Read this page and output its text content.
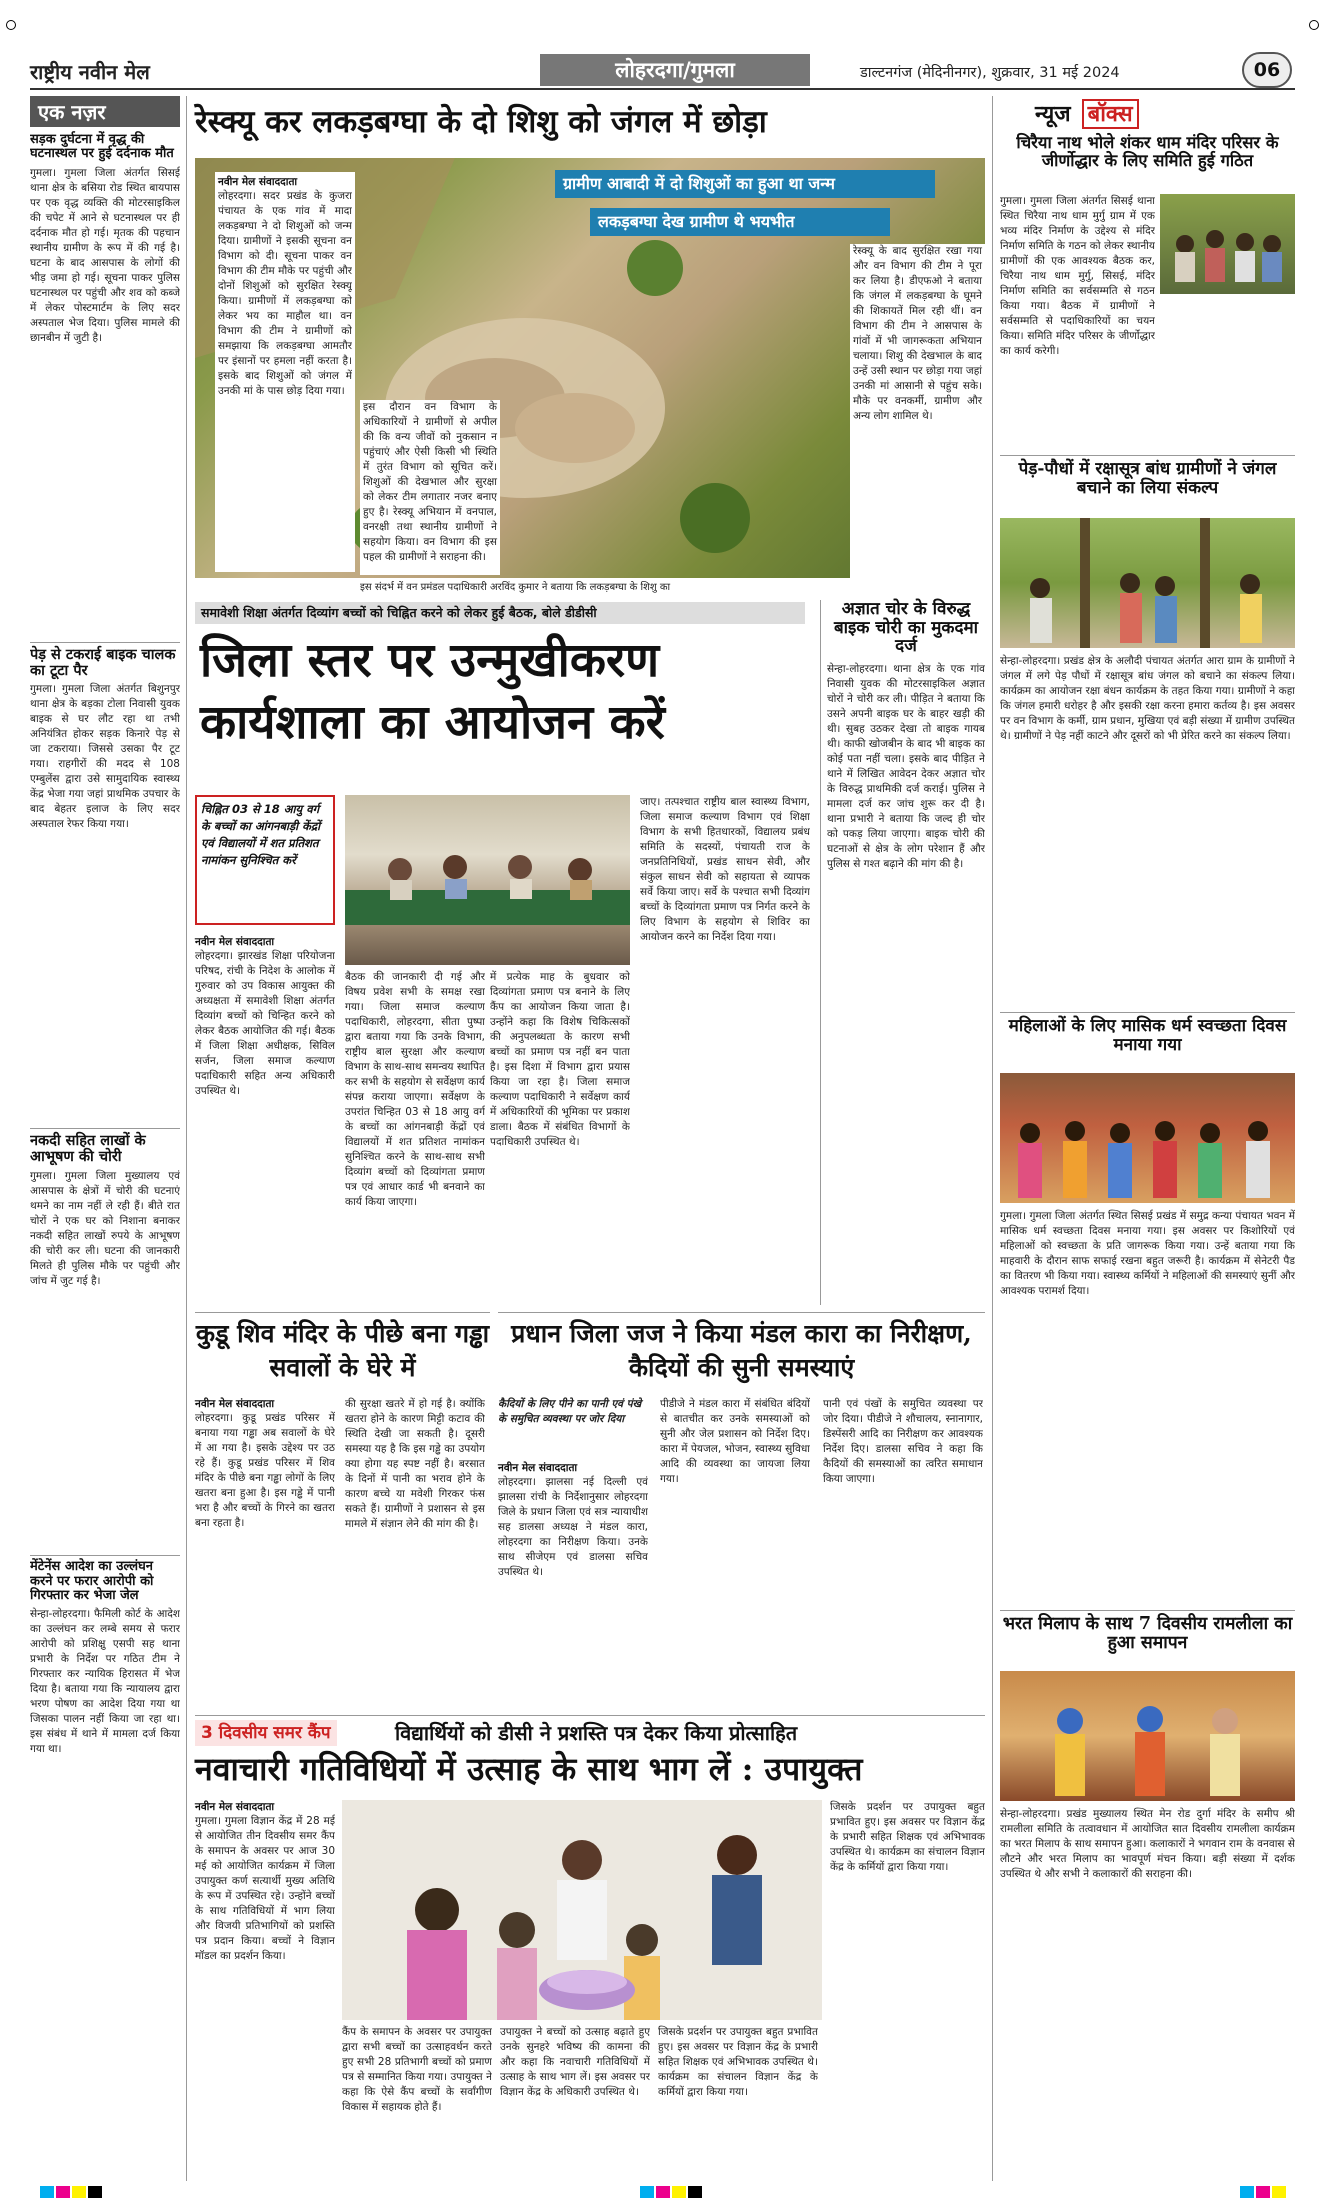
राष्ट्रीय नवीन मेल	लोहरदगा/गुमला	डाल्टनगंज (मेदिनीनगर), शुक्रवार, 31 मई 2024	06
एक नज़र
सड़क दुर्घटना में वृद्ध की घटनास्थल पर हुई दर्दनाक मौत
गुमला। गुमला जिला अंतर्गत सिसई थाना क्षेत्र के बसिया रोड स्थित बायपास पर एक वृद्ध व्यक्ति की मोटरसाइकिल की चपेट में आने से घटनास्थल पर ही दर्दनाक मौत हो गई। मृतक की पहचान स्थानीय ग्रामीण के रूप में की गई है। घटना के बाद आसपास के लोगों की भीड़ जमा हो गई। सूचना पाकर पुलिस घटनास्थल पर पहुंची और शव को कब्जे में लेकर पोस्टमार्टम के लिए सदर अस्पताल भेज दिया। पुलिस मामले की छानबीन में जुटी है।
पेड़ से टकराई बाइक चालक का टूटा पैर
गुमला। गुमला जिला अंतर्गत बिशुनपुर थाना क्षेत्र के बड़का टोला निवासी युवक बाइक से घर लौट रहा था तभी अनियंत्रित होकर सड़क किनारे पेड़ से जा टकराया। जिससे उसका पैर टूट गया। राहगीरों की मदद से 108 एम्बुलेंस द्वारा उसे सामुदायिक स्वास्थ्य केंद्र भेजा गया जहां प्राथमिक उपचार के बाद बेहतर इलाज के लिए सदर अस्पताल रेफर किया गया।
नकदी सहित लाखों के आभूषण की चोरी
गुमला। गुमला जिला मुख्यालय एवं आसपास के क्षेत्रों में चोरी की घटनाएं थमने का नाम नहीं ले रही हैं। बीते रात चोरों ने एक घर को निशाना बनाकर नकदी सहित लाखों रुपये के आभूषण की चोरी कर ली। घटना की जानकारी मिलते ही पुलिस मौके पर पहुंची और जांच में जुट गई है।
मेंटेनेंस आदेश का उल्लंघन करने पर फरार आरोपी को गिरफ्तार कर भेजा जेल
सेन्हा-लोहरदगा। फैमिली कोर्ट के आदेश का उल्लंघन कर लम्बे समय से फरार आरोपी को प्रशिक्षु एसपी सह थाना प्रभारी के निर्देश पर गठित टीम ने गिरफ्तार कर न्यायिक हिरासत में भेज दिया है। बताया गया कि न्यायालय द्वारा भरण पोषण का आदेश दिया गया था जिसका पालन नहीं किया जा रहा था। इस संबंध में थाने में मामला दर्ज किया गया था।
रेस्क्यू कर लकड़बग्घा के दो शिशु को जंगल में छोड़ा
ग्रामीण आबादी में दो शिशुओं का हुआ था जन्म
लकड़बग्घा देख ग्रामीण थे भयभीत
नवीन मेल संवाददाता
लोहरदगा। सदर प्रखंड के कुजरा पंचायत के एक गांव में मादा लकड़बग्घा ने दो शिशुओं को जन्म दिया। ग्रामीणों ने इसकी सूचना वन विभाग को दी। सूचना पाकर वन विभाग की टीम मौके पर पहुंची और दोनों शिशुओं को सुरक्षित रेस्क्यू किया। ग्रामीणों में लकड़बग्घा को लेकर भय का माहौल था। वन विभाग की टीम ने ग्रामीणों को समझाया कि लकड़बग्घा आमतौर पर इंसानों पर हमला नहीं करता है। इसके बाद शिशुओं को जंगल में उनकी मां के पास छोड़ दिया गया।
इस दौरान वन विभाग के अधिकारियों ने ग्रामीणों से अपील की कि वन्य जीवों को नुकसान न पहुंचाएं और ऐसी किसी भी स्थिति में तुरंत विभाग को सूचित करें। शिशुओं की देखभाल और सुरक्षा को लेकर टीम लगातार नजर बनाए हुए है। रेस्क्यू अभियान में वनपाल, वनरक्षी तथा स्थानीय ग्रामीणों ने सहयोग किया। वन विभाग की इस पहल की ग्रामीणों ने सराहना की।
रेस्क्यू के बाद सुरक्षित रखा गया और वन विभाग की टीम ने पूरा कर लिया है। डीएफओ ने बताया कि जंगल में लकड़बग्घा के घूमने की शिकायतें मिल रही थीं। वन विभाग की टीम ने आसपास के गांवों में भी जागरूकता अभियान चलाया। शिशु की देखभाल के बाद उन्हें उसी स्थान पर छोड़ा गया जहां उनकी मां आसानी से पहुंच सके। मौके पर वनकर्मी, ग्रामीण और अन्य लोग शामिल थे।
इस संदर्भ में वन प्रमंडल पदाधिकारी अरविंद कुमार ने बताया कि लकड़बग्घा के शिशु का
समावेशी शिक्षा अंतर्गत दिव्यांग बच्चों को चिह्नित करने को लेकर हुई बैठक, बोले डीडीसी
जिला स्तर पर उन्मुखीकरण कार्यशाला का आयोजन करें
चिह्नित 03 से 18 आयु वर्ग के बच्चों का आंगनबाड़ी केंद्रों एवं विद्यालयों में शत प्रतिशत नामांकन सुनिश्चित करें
नवीन मेल संवाददाता
लोहरदगा। झारखंड शिक्षा परियोजना परिषद, रांची के निदेश के आलोक में गुरुवार को उप विकास आयुक्त की अध्यक्षता में समावेशी शिक्षा अंतर्गत दिव्यांग बच्चों को चिन्हित करने को लेकर बैठक आयोजित की गई। बैठक में जिला शिक्षा अधीक्षक, सिविल सर्जन, जिला समाज कल्याण पदाधिकारी सहित अन्य अधिकारी उपस्थित थे।
बैठक की जानकारी दी गई और विषय प्रवेश सभी के समक्ष रखा गया। जिला समाज कल्याण पदाधिकारी, लोहरदगा, सीता पुष्पा द्वारा बताया गया कि उनके विभाग, राष्ट्रीय बाल सुरक्षा और कल्याण विभाग के साथ-साथ समन्वय स्थापित कर सभी के सहयोग से सर्वेक्षण कार्य संपन्न कराया जाएगा। सर्वेक्षण के उपरांत चिन्हित 03 से 18 आयु वर्ग के बच्चों का आंगनबाड़ी केंद्रों एवं विद्यालयों में शत प्रतिशत नामांकन सुनिश्चित करने के साथ-साथ सभी दिव्यांग बच्चों को दिव्यांगता प्रमाण पत्र एवं आधार कार्ड भी बनवाने का कार्य किया जाएगा।
में प्रत्येक माह के बुधवार को दिव्यांगता प्रमाण पत्र बनाने के लिए कैंप का आयोजन किया जाता है। उन्होंने कहा कि विशेष चिकित्सकों की अनुपलब्धता के कारण सभी बच्चों का प्रमाण पत्र नहीं बन पाता है। इस दिशा में विभाग द्वारा प्रयास किया जा रहा है। जिला समाज कल्याण पदाधिकारी ने सर्वेक्षण कार्य में अधिकारियों की भूमिका पर प्रकाश डाला। बैठक में संबंधित विभागों के पदाधिकारी उपस्थित थे।
जाए। तत्पश्चात राष्ट्रीय बाल स्वास्थ्य विभाग, जिला समाज कल्याण विभाग एवं शिक्षा विभाग के सभी हितधारकों, विद्यालय प्रबंध समिति के सदस्यों, पंचायती राज के जनप्रतिनिधियों, प्रखंड साधन सेवी, और संकुल साधन सेवी को सहायता से व्यापक सर्वे किया जाए। सर्वे के पश्चात सभी दिव्यांग बच्चों के दिव्यांगता प्रमाण पत्र निर्गत करने के लिए विभाग के सहयोग से शिविर का आयोजन करने का निर्देश दिया गया।
अज्ञात चोर के विरुद्ध बाइक चोरी का मुकदमा दर्ज
सेन्हा-लोहरदगा। थाना क्षेत्र के एक गांव निवासी युवक की मोटरसाइकिल अज्ञात चोरों ने चोरी कर ली। पीड़ित ने बताया कि उसने अपनी बाइक घर के बाहर खड़ी की थी। सुबह उठकर देखा तो बाइक गायब थी। काफी खोजबीन के बाद भी बाइक का कोई पता नहीं चला। इसके बाद पीड़ित ने थाने में लिखित आवेदन देकर अज्ञात चोर के विरुद्ध प्राथमिकी दर्ज कराई। पुलिस ने मामला दर्ज कर जांच शुरू कर दी है। थाना प्रभारी ने बताया कि जल्द ही चोर को पकड़ लिया जाएगा। बाइक चोरी की घटनाओं से क्षेत्र के लोग परेशान हैं और पुलिस से गश्त बढ़ाने की मांग की है।
कुडू शिव मंदिर के पीछे बना गड्ढा सवालों के घेरे में
नवीन मेल संवाददाता
लोहरदगा। कुडू प्रखंड परिसर में बनाया गया गड्ढा अब सवालों के घेरे में आ गया है। इसके उद्देश्य पर उठ रहे हैं। कुडू प्रखंड परिसर में शिव मंदिर के पीछे बना गड्ढा लोगों के लिए खतरा बना हुआ है। इस गड्ढे में पानी भरा है और बच्चों के गिरने का खतरा बना रहता है।
की सुरक्षा खतरे में हो गई है। क्योंकि खतरा होने के कारण मिट्टी कटाव की स्थिति देखी जा सकती है। दूसरी समस्या यह है कि इस गड्ढे का उपयोग क्या होगा यह स्पष्ट नहीं है। बरसात के दिनों में पानी का भराव होने के कारण बच्चे या मवेशी गिरकर फंस सकते हैं। ग्रामीणों ने प्रशासन से इस मामले में संज्ञान लेने की मांग की है।
प्रधान जिला जज ने किया मंडल कारा का निरीक्षण, कैदियों की सुनी समस्याएं
कैदियों के लिए पीने का पानी एवं पंखे के समुचित व्यवस्था पर जोर दिया
नवीन मेल संवाददाता
लोहरदगा। झालसा नई दिल्ली एवं झालसा रांची के निर्देशानुसार लोहरदगा जिले के प्रधान जिला एवं सत्र न्यायाधीश सह डालसा अध्यक्ष ने मंडल कारा, लोहरदगा का निरीक्षण किया। उनके साथ सीजेएम एवं डालसा सचिव उपस्थित थे।
पीडीजे ने मंडल कारा में संबंधित बंदियों से बातचीत कर उनके समस्याओं को सुनी और जेल प्रशासन को निर्देश दिए। कारा में पेयजल, भोजन, स्वास्थ्य सुविधा आदि की व्यवस्था का जायजा लिया गया।
पानी एवं पंखों के समुचित व्यवस्था पर जोर दिया। पीडीजे ने शौचालय, स्नानागार, डिस्पेंसरी आदि का निरीक्षण कर आवश्यक निर्देश दिए। डालसा सचिव ने कहा कि कैदियों की समस्याओं का त्वरित समाधान किया जाएगा।
3 दिवसीय समर कैंप	विद्यार्थियों को डीसी ने प्रशस्ति पत्र देकर किया प्रोत्साहित
नवाचारी गतिविधियों में उत्साह के साथ भाग लें : उपायुक्त
नवीन मेल संवाददाता
गुमला। गुमला विज्ञान केंद्र में 28 मई से आयोजित तीन दिवसीय समर कैंप के समापन के अवसर पर आज 30 मई को आयोजित कार्यक्रम में जिला उपायुक्त कर्ण सत्यार्थी मुख्य अतिथि के रूप में उपस्थित रहे। उन्होंने बच्चों के साथ गतिविधियों में भाग लिया और विजयी प्रतिभागियों को प्रशस्ति पत्र प्रदान किया। बच्चों ने विज्ञान मॉडल का प्रदर्शन किया।
कैंप के समापन के अवसर पर उपायुक्त द्वारा सभी बच्चों का उत्साहवर्धन करते हुए सभी 28 प्रतिभागी बच्चों को प्रमाण पत्र से सम्मानित किया गया। उपायुक्त ने कहा कि ऐसे कैंप बच्चों के सर्वांगीण विकास में सहायक होते हैं।
उपायुक्त ने बच्चों को उत्साह बढ़ाते हुए उनके सुनहरे भविष्य की कामना की और कहा कि नवाचारी गतिविधियों में उत्साह के साथ भाग लें। इस अवसर पर विज्ञान केंद्र के अधिकारी उपस्थित थे।
जिसके प्रदर्शन पर उपायुक्त बहुत प्रभावित हुए। इस अवसर पर विज्ञान केंद्र के प्रभारी सहित शिक्षक एवं अभिभावक उपस्थित थे। कार्यक्रम का संचालन विज्ञान केंद्र के कर्मियों द्वारा किया गया।
जिसके प्रदर्शन पर उपायुक्त बहुत प्रभावित हुए। इस अवसर पर विज्ञान केंद्र के प्रभारी सहित शिक्षक एवं अभिभावक उपस्थित थे। कार्यक्रम का संचालन विज्ञान केंद्र के कर्मियों द्वारा किया गया।
न्यूज बॉक्स
चिरैया नाथ भोले शंकर धाम मंदिर परिसर के जीर्णोद्धार के लिए समिति हुई गठित
गुमला। गुमला जिला अंतर्गत सिसई थाना स्थित चिरैया नाथ धाम मुर्गु ग्राम में एक भव्य मंदिर निर्माण के उद्देश्य से मंदिर निर्माण समिति के गठन को लेकर स्थानीय ग्रामीणों की एक आवश्यक बैठक कर, चिरैया नाथ धाम मुर्गु, सिसई, मंदिर निर्माण समिति का सर्वसम्मति से गठन किया गया। बैठक में ग्रामीणों ने सर्वसम्मति से पदाधिकारियों का चयन किया। समिति मंदिर परिसर के जीर्णोद्धार का कार्य करेगी।
पेड़-पौधों में रक्षासूत्र बांध ग्रामीणों ने जंगल बचाने का लिया संकल्प
सेन्हा-लोहरदगा। प्रखंड क्षेत्र के अलौदी पंचायत अंतर्गत आरा ग्राम के ग्रामीणों ने जंगल में लगे पेड़ पौधों में रक्षासूत्र बांध जंगल को बचाने का संकल्प लिया। कार्यक्रम का आयोजन रक्षा बंधन कार्यक्रम के तहत किया गया। ग्रामीणों ने कहा कि जंगल हमारी धरोहर है और इसकी रक्षा करना हमारा कर्तव्य है। इस अवसर पर वन विभाग के कर्मी, ग्राम प्रधान, मुखिया एवं बड़ी संख्या में ग्रामीण उपस्थित थे। ग्रामीणों ने पेड़ नहीं काटने और दूसरों को भी प्रेरित करने का संकल्प लिया।
महिलाओं के लिए मासिक धर्म स्वच्छता दिवस मनाया गया
गुमला। गुमला जिला अंतर्गत स्थित सिसई प्रखंड में समुद्र कन्या पंचायत भवन में मासिक धर्म स्वच्छता दिवस मनाया गया। इस अवसर पर किशोरियों एवं महिलाओं को स्वच्छता के प्रति जागरूक किया गया। उन्हें बताया गया कि माहवारी के दौरान साफ सफाई रखना बहुत जरूरी है। कार्यक्रम में सेनेटरी पैड का वितरण भी किया गया। स्वास्थ्य कर्मियों ने महिलाओं की समस्याएं सुनीं और आवश्यक परामर्श दिया।
भरत मिलाप के साथ 7 दिवसीय रामलीला का हुआ समापन
सेन्हा-लोहरदगा। प्रखंड मुख्यालय स्थित मेन रोड दुर्गा मंदिर के समीप श्री रामलीला समिति के तत्वावधान में आयोजित सात दिवसीय रामलीला कार्यक्रम का भरत मिलाप के साथ समापन हुआ। कलाकारों ने भगवान राम के वनवास से लौटने और भरत मिलाप का भावपूर्ण मंचन किया। बड़ी संख्या में दर्शक उपस्थित थे और सभी ने कलाकारों की सराहना की।
